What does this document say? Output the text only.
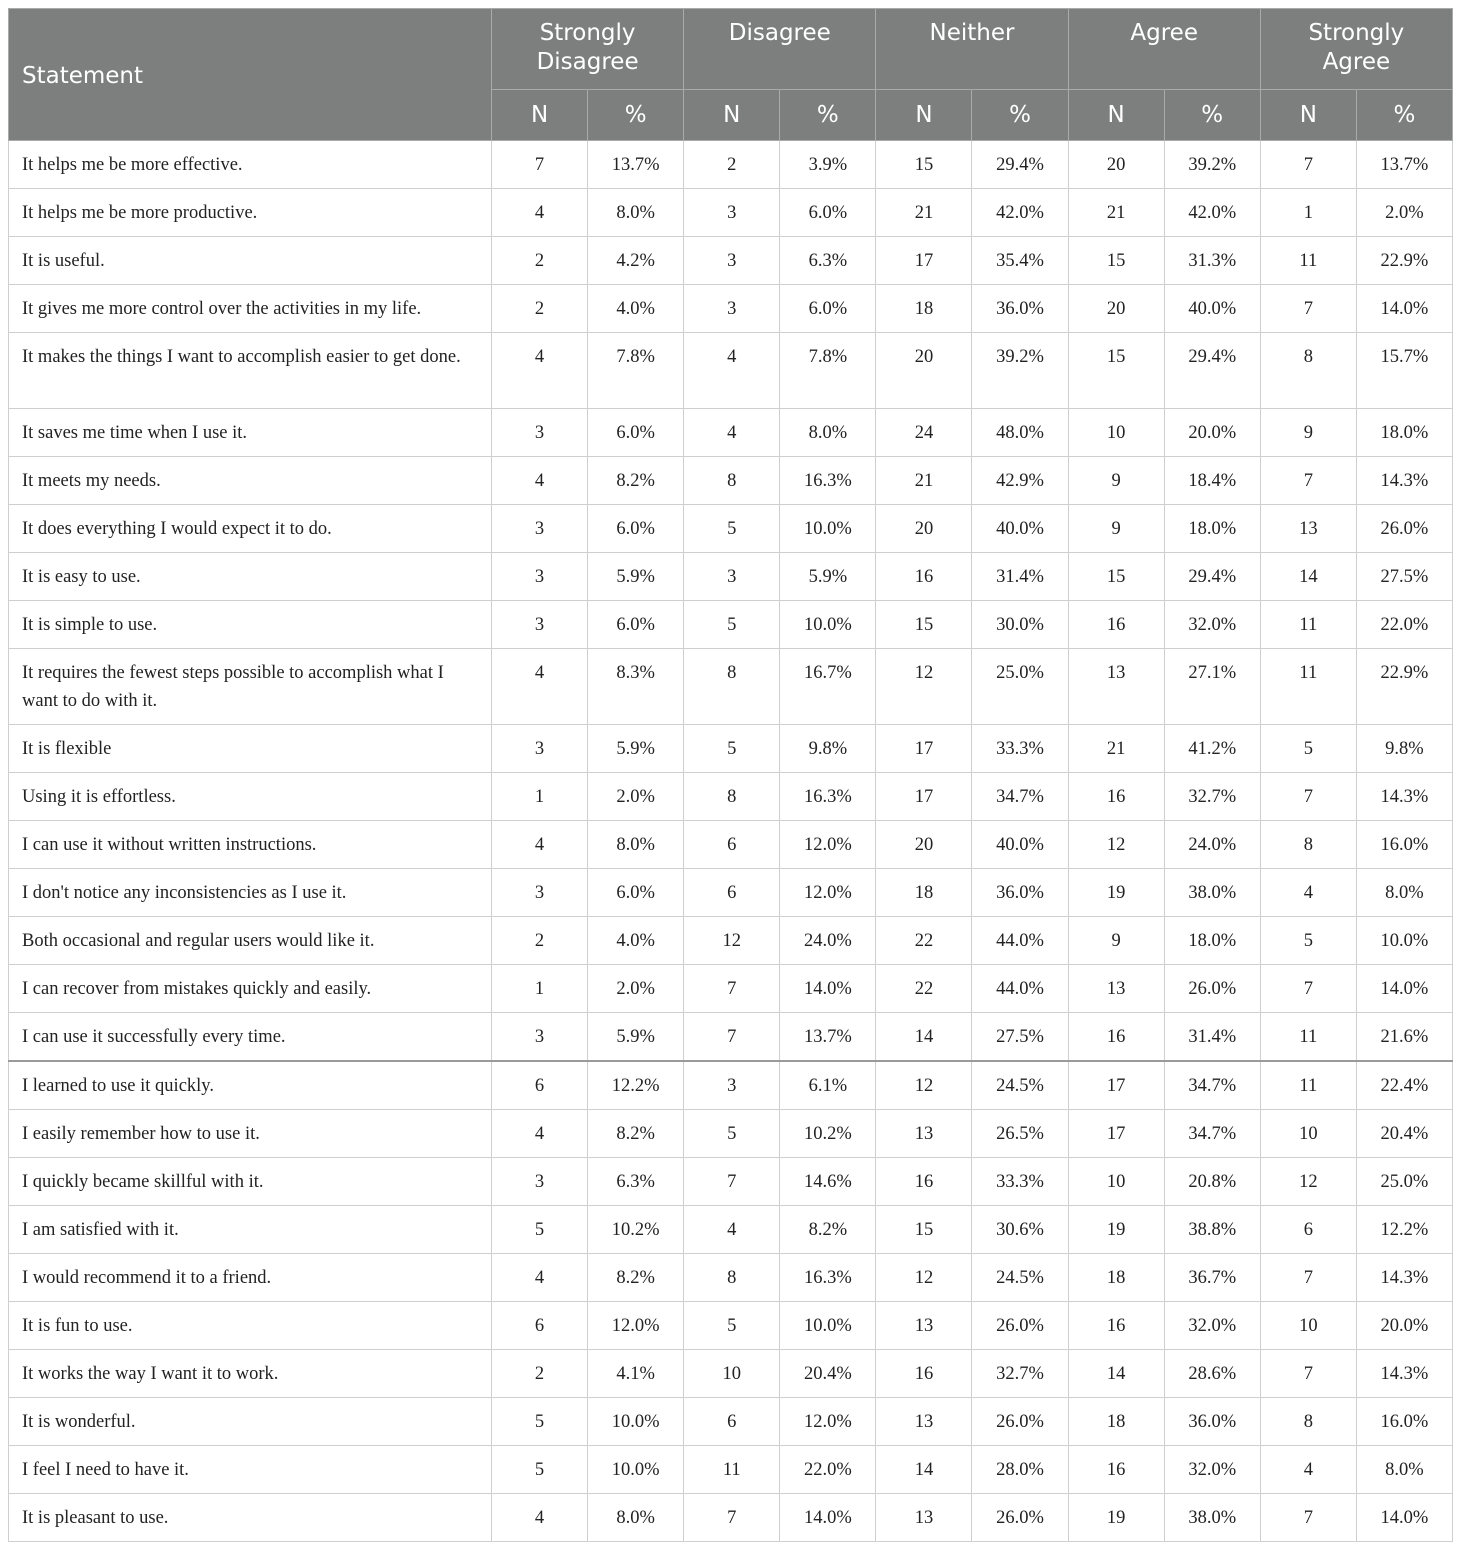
Statement	Strongly Disagree		Disagree		Neither		Agree		Strongly Agree	
	N	%	N	%	N	%	N	%	N	%
It helps me be more effective.	7	13.7%	2	3.9%	15	29.4%	20	39.2%	7	13.7%
It helps me be more productive.	4	8.0%	3	6.0%	21	42.0%	21	42.0%	1	2.0%
It is useful.	2	4.2%	3	6.3%	17	35.4%	15	31.3%	11	22.9%
It gives me more control over the activities in my life.	2	4.0%	3	6.0%	18	36.0%	20	40.0%	7	14.0%
It makes the things I want to accomplish easier to get done.	4	7.8%	4	7.8%	20	39.2%	15	29.4%	8	15.7%
It saves me time when I use it.	3	6.0%	4	8.0%	24	48.0%	10	20.0%	9	18.0%
It meets my needs.	4	8.2%	8	16.3%	21	42.9%	9	18.4%	7	14.3%
It does everything I would expect it to do.	3	6.0%	5	10.0%	20	40.0%	9	18.0%	13	26.0%
It is easy to use.	3	5.9%	3	5.9%	16	31.4%	15	29.4%	14	27.5%
It is simple to use.	3	6.0%	5	10.0%	15	30.0%	16	32.0%	11	22.0%
It requires the fewest steps possible to accomplish what I want to do with it.	4	8.3%	8	16.7%	12	25.0%	13	27.1%	11	22.9%
It is flexible	3	5.9%	5	9.8%	17	33.3%	21	41.2%	5	9.8%
Using it is effortless.	1	2.0%	8	16.3%	17	34.7%	16	32.7%	7	14.3%
I can use it without written instructions.	4	8.0%	6	12.0%	20	40.0%	12	24.0%	8	16.0%
I don't notice any inconsistencies as I use it.	3	6.0%	6	12.0%	18	36.0%	19	38.0%	4	8.0%
Both occasional and regular users would like it.	2	4.0%	12	24.0%	22	44.0%	9	18.0%	5	10.0%
I can recover from mistakes quickly and easily.	1	2.0%	7	14.0%	22	44.0%	13	26.0%	7	14.0%
I can use it successfully every time.	3	5.9%	7	13.7%	14	27.5%	16	31.4%	11	21.6%
I learned to use it quickly.	6	12.2%	3	6.1%	12	24.5%	17	34.7%	11	22.4%
I easily remember how to use it.	4	8.2%	5	10.2%	13	26.5%	17	34.7%	10	20.4%
I quickly became skillful with it.	3	6.3%	7	14.6%	16	33.3%	10	20.8%	12	25.0%
I am satisfied with it.	5	10.2%	4	8.2%	15	30.6%	19	38.8%	6	12.2%
I would recommend it to a friend.	4	8.2%	8	16.3%	12	24.5%	18	36.7%	7	14.3%
It is fun to use.	6	12.0%	5	10.0%	13	26.0%	16	32.0%	10	20.0%
It works the way I want it to work.	2	4.1%	10	20.4%	16	32.7%	14	28.6%	7	14.3%
It is wonderful.	5	10.0%	6	12.0%	13	26.0%	18	36.0%	8	16.0%
I feel I need to have it.	5	10.0%	11	22.0%	14	28.0%	16	32.0%	4	8.0%
It is pleasant to use.	4	8.0%	7	14.0%	13	26.0%	19	38.0%	7	14.0%
